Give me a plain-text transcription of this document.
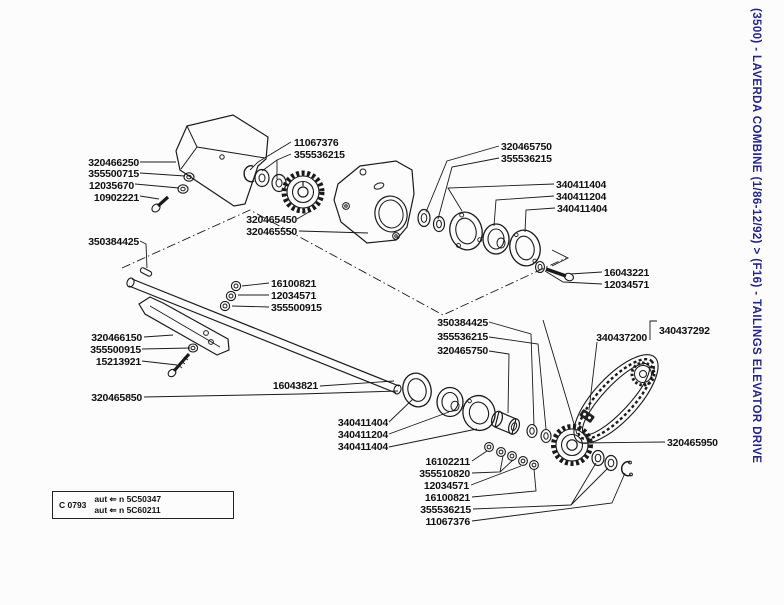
11067376
355536215
320466250
355500715
12035670
10902221
320465450
320465550
350384425
320465750
355536215
340411404
340411204
340411404
16043221
12034571
16100821
12034571
355500915
320466150
355500915
15213921
320465850
16043821
350384425
355536215
320465750
340437200
340437292
320465950
340411404
340411204
340411404
16102211
355510820
12034571
16100821
355536215
11067376
C 0793
aut ⇐ n 5C50347
aut ⇐ n 5C60211
(3500) - LAVERDA COMBINE (1/86-12/92) > (F16) - TAILINGS ELEVATOR DRIVE
